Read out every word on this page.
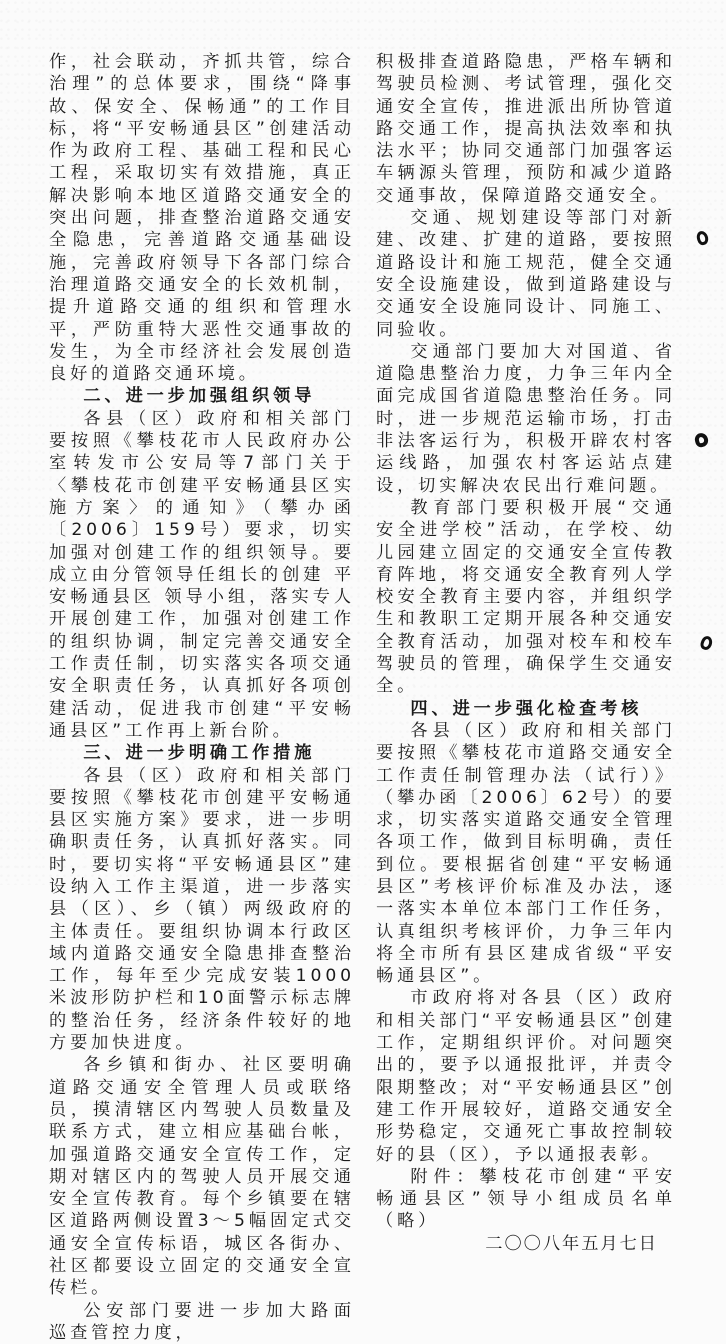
作，社会联动，齐抓共管，综合治理”的总体要求，围绕“降事故、保安全、保畅通”的工作目标，将“平安畅通县区”创建活动作为政府工程、基础工程和民心工程，采取切实有效措施，真正解决影响本地区道路交通安全的突出问题，排查整治道路交通安全隐患，完善道路交通基础设施，完善政府领导下各部门综合治理道路交通安全的长效机制，提升道路交通的组织和管理水平，严防重特大恶性交通事故的发生，为全市经济社会发展创造良好的道路交通环境。

二、进一步加强组织领导

各县（区）政府和相关部门要按照《攀枝花市人民政府办公室转发市公安局等7部门关于〈攀枝花市创建平安畅通县区实施方案〉的通知》（攀办函〔2006〕159号）要求，切实加强对创建工作的组织领导。要成立由分管领导任组长的创建 平安畅通县区 领导小组，落实专人开展创建工作，加强对创建工作的组织协调，制定完善交通安全工作责任制，切实落实各项交通安全职责任务，认真抓好各项创建活动，促进我市创建“平安畅通县区”工作再上新台阶。

三、进一步明确工作措施

各县（区）政府和相关部门要按照《攀枝花市创建平安畅通县区实施方案》要求，进一步明确职责任务，认真抓好落实。同时，要切实将“平安畅通县区”建设纳入工作主渠道，进一步落实县（区）、乡（镇）两级政府的主体责任。要组织协调本行政区域内道路交通安全隐患排查整治工作，每年至少完成安装1000米波形防护栏和10面警示标志牌的整治任务，经济条件较好的地方要加快进度。

各乡镇和街办、社区要明确道路交通安全管理人员或联络员，摸清辖区内驾驶人员数量及联系方式，建立相应基础台帐，加强道路交通安全宣传工作，定期对辖区内的驾驶人员开展交通安全宣传教育。每个乡镇要在辖区道路两侧设置3～5幅固定式交通安全宣传标语，城区各街办、社区都要设立固定的交通安全宣传栏。

公安部门要进一步加大路面巡查管控力度，

积极排查道路隐患，严格车辆和驾驶员检测、考试管理，强化交通安全宣传，推进派出所协管道路交通工作，提高执法效率和执法水平；协同交通部门加强客运车辆源头管理，预防和减少道路交通事故，保障道路交通安全。

交通、规划建设等部门对新建、改建、扩建的道路，要按照道路设计和施工规范，健全交通安全设施建设，做到道路建设与交通安全设施同设计、同施工、同验收。

交通部门要加大对国道、省道隐患整治力度，力争三年内全面完成国省道隐患整治任务。同时，进一步规范运输市场，打击非法客运行为，积极开辟农村客运线路，加强农村客运站点建设，切实解决农民出行难问题。

教育部门要积极开展“交通安全进学校”活动，在学校、幼儿园建立固定的交通安全宣传教育阵地，将交通安全教育列人学校安全教育主要内容，并组织学生和教职工定期开展各种交通安全教育活动，加强对校车和校车驾驶员的管理，确保学生交通安全。

四、进一步强化检查考核

各县（区）政府和相关部门要按照《攀枝花市道路交通安全工作责任制管理办法（试行）》（攀办函〔2006〕62号）的要求，切实落实道路交通安全管理各项工作，做到目标明确，责任到位。要根据省创建“平安畅通县区”考核评价标准及办法，逐一落实本单位本部门工作任务，认真组织考核评价，力争三年内将全市所有县区建成省级“平安畅通县区”。

市政府将对各县（区）政府和相关部门“平安畅通县区”创建工作，定期组织评价。对问题突出的，要予以通报批评，并责令限期整改；对“平安畅通县区”创建工作开展较好，道路交通安全形势稳定，交通死亡事故控制较好的县（区），予以通报表彰。

附件：攀枝花市创建“平安畅通县区”领导小组成员名单（略）

二〇〇八年五月七日
